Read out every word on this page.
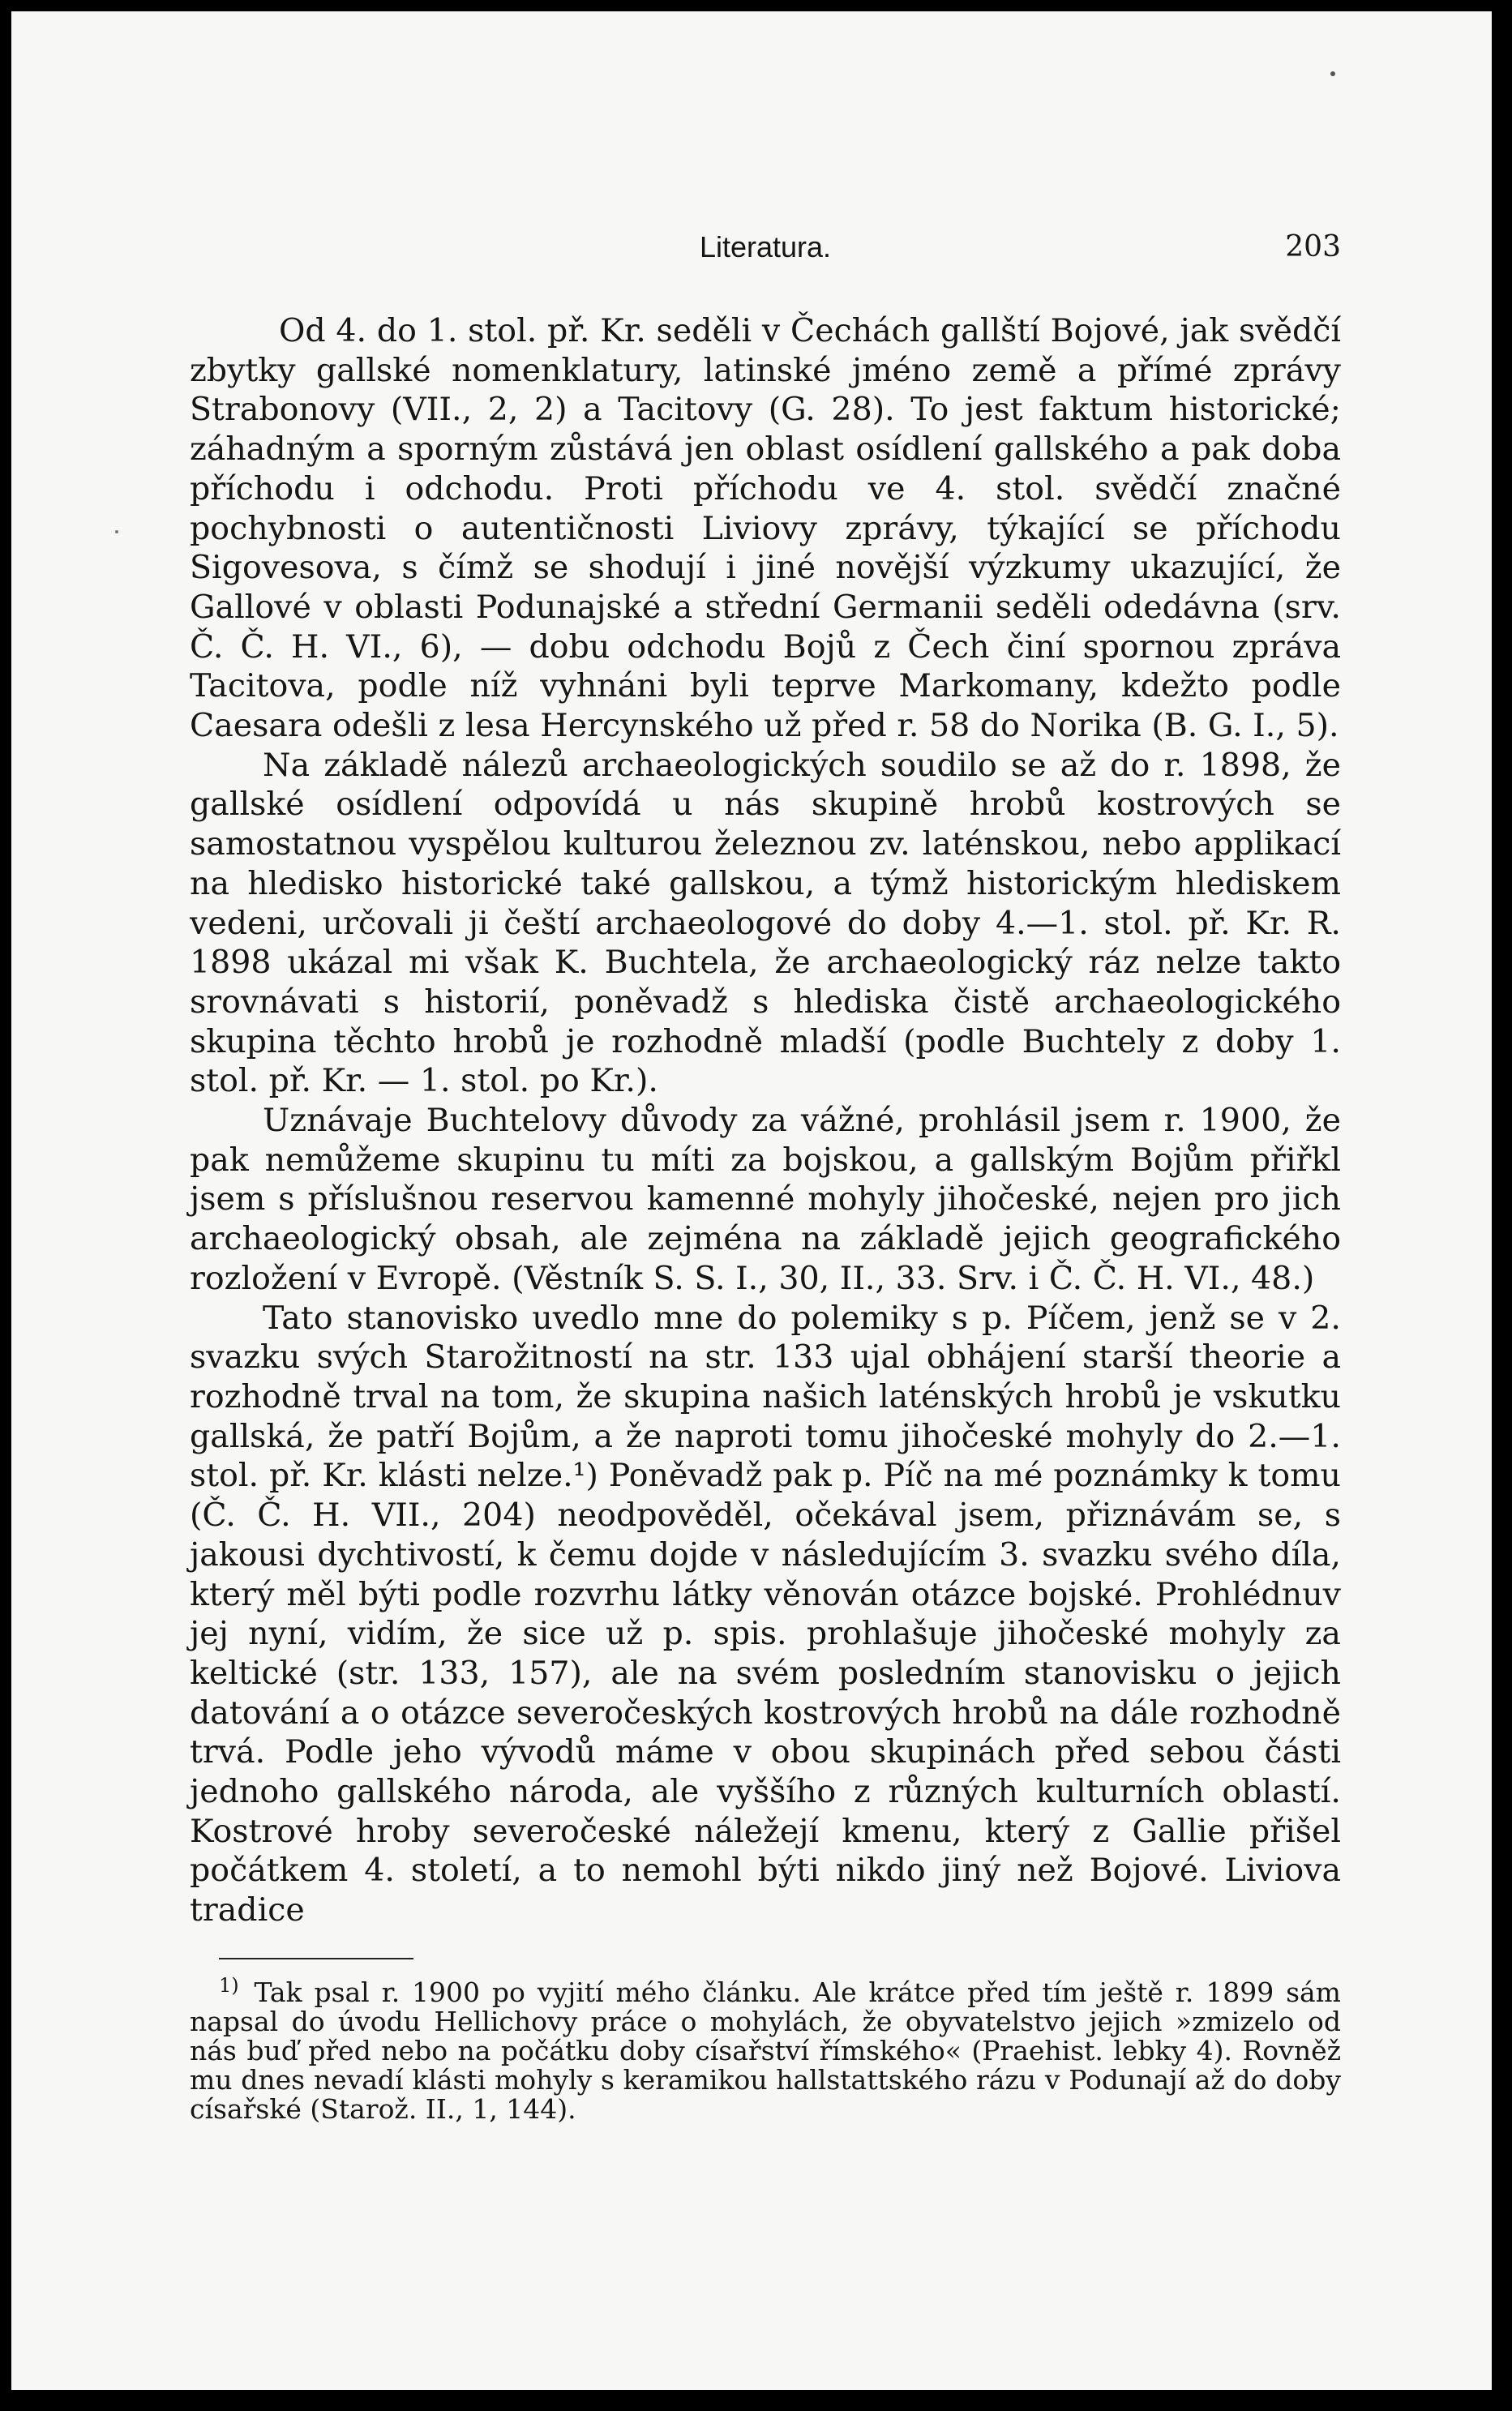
Literatura.	203

Od 4. do 1. stol. př. Kr. seděli v Čechách gallští Bojové, jak svědčí zbytky gallské nomenklatury, latinské jméno země a přímé zprávy Strabonovy (VII., 2, 2) a Tacitovy (G. 28). To jest faktum historické; záhadným a sporným zůstává jen oblast osídlení gallského a pak doba příchodu i odchodu. Proti příchodu ve 4. stol. svědčí značné pochybnosti o autentičnosti Liviovy zprávy, týkající se příchodu Sigovesova, s čímž se shodují i jiné novější výzkumy ukazující, že Gallové v oblasti Podunajské a střední Germanii seděli odedávna (srv. Č. Č. H. VI., 6), — dobu odchodu Bojů z Čech činí spornou zpráva Tacitova, podle níž vyhnáni byli teprve Markomany, kdežto podle Caesara odešli z lesa Hercynského už před r. 58 do Norika (B. G. I., 5).

Na základě nálezů archaeologických soudilo se až do r. 1898, že gallské osídlení odpovídá u nás skupině hrobů kostrových se samostatnou vyspělou kulturou železnou zv. laténskou, nebo applikací na hledisko historické také gallskou, a týmž historickým hlediskem vedeni, určovali ji čeští archaeologové do doby 4.—1. stol. př. Kr. R. 1898 ukázal mi však K. Buchtela, že archaeologický ráz nelze takto srovnávati s historií, poněvadž s hlediska čistě archaeologického skupina těchto hrobů je rozhodně mladší (podle Buchtely z doby 1. stol. př. Kr. — 1. stol. po Kr.).

Uznávaje Buchtelovy důvody za vážné, prohlásil jsem r. 1900, že pak nemůžeme skupinu tu míti za bojskou, a gallským Bojům přiřkl jsem s příslušnou reservou kamenné mohyly jihočeské, nejen pro jich archaeologický obsah, ale zejména na základě jejich geografického rozložení v Evropě. (Věstník S. S. I., 30, II., 33. Srv. i Č. Č. H. VI., 48.)

Tato stanovisko uvedlo mne do polemiky s p. Píčem, jenž se v 2. svazku svých Starožitností na str. 133 ujal obhájení starší theorie a rozhodně trval na tom, že skupina našich laténských hrobů je vskutku gallská, že patří Bojům, a že naproti tomu jihočeské mohyly do 2.—1. stol. př. Kr. klásti nelze.¹) Poněvadž pak p. Píč na mé poznámky k tomu (Č. Č. H. VII., 204) neodpověděl, očekával jsem, přiznávám se, s jakousi dychtivostí, k čemu dojde v následujícím 3. svazku svého díla, který měl býti podle rozvrhu látky věnován otázce bojské. Prohlédnuv jej nyní, vidím, že sice už p. spis. prohlašuje jihočeské mohyly za keltické (str. 133, 157), ale na svém posledním stanovisku o jejich datování a o otázce severočeských kostrových hrobů na dále rozhodně trvá. Podle jeho vývodů máme v obou skupinách před sebou části jednoho gallského národa, ale vyššího z různých kulturních oblastí. Kostrové hroby severočeské náležejí kmenu, který z Gallie přišel počátkem 4. století, a to nemohl býti nikdo jiný než Bojové. Liviova tradice

$^{1)}$ Tak psal r. 1900 po vyjití mého článku. Ale krátce před tím ještě r. 1899 sám napsal do úvodu Hellichovy práce o mohylách, že obyvatelstvo jejich »zmizelo od nás buď před nebo na počátku doby císařství římského« (Praehist. lebky 4). Rovněž mu dnes nevadí klásti mohyly s keramikou hallstattského rázu v Podunají až do doby císařské (Starož. II., 1, 144).
